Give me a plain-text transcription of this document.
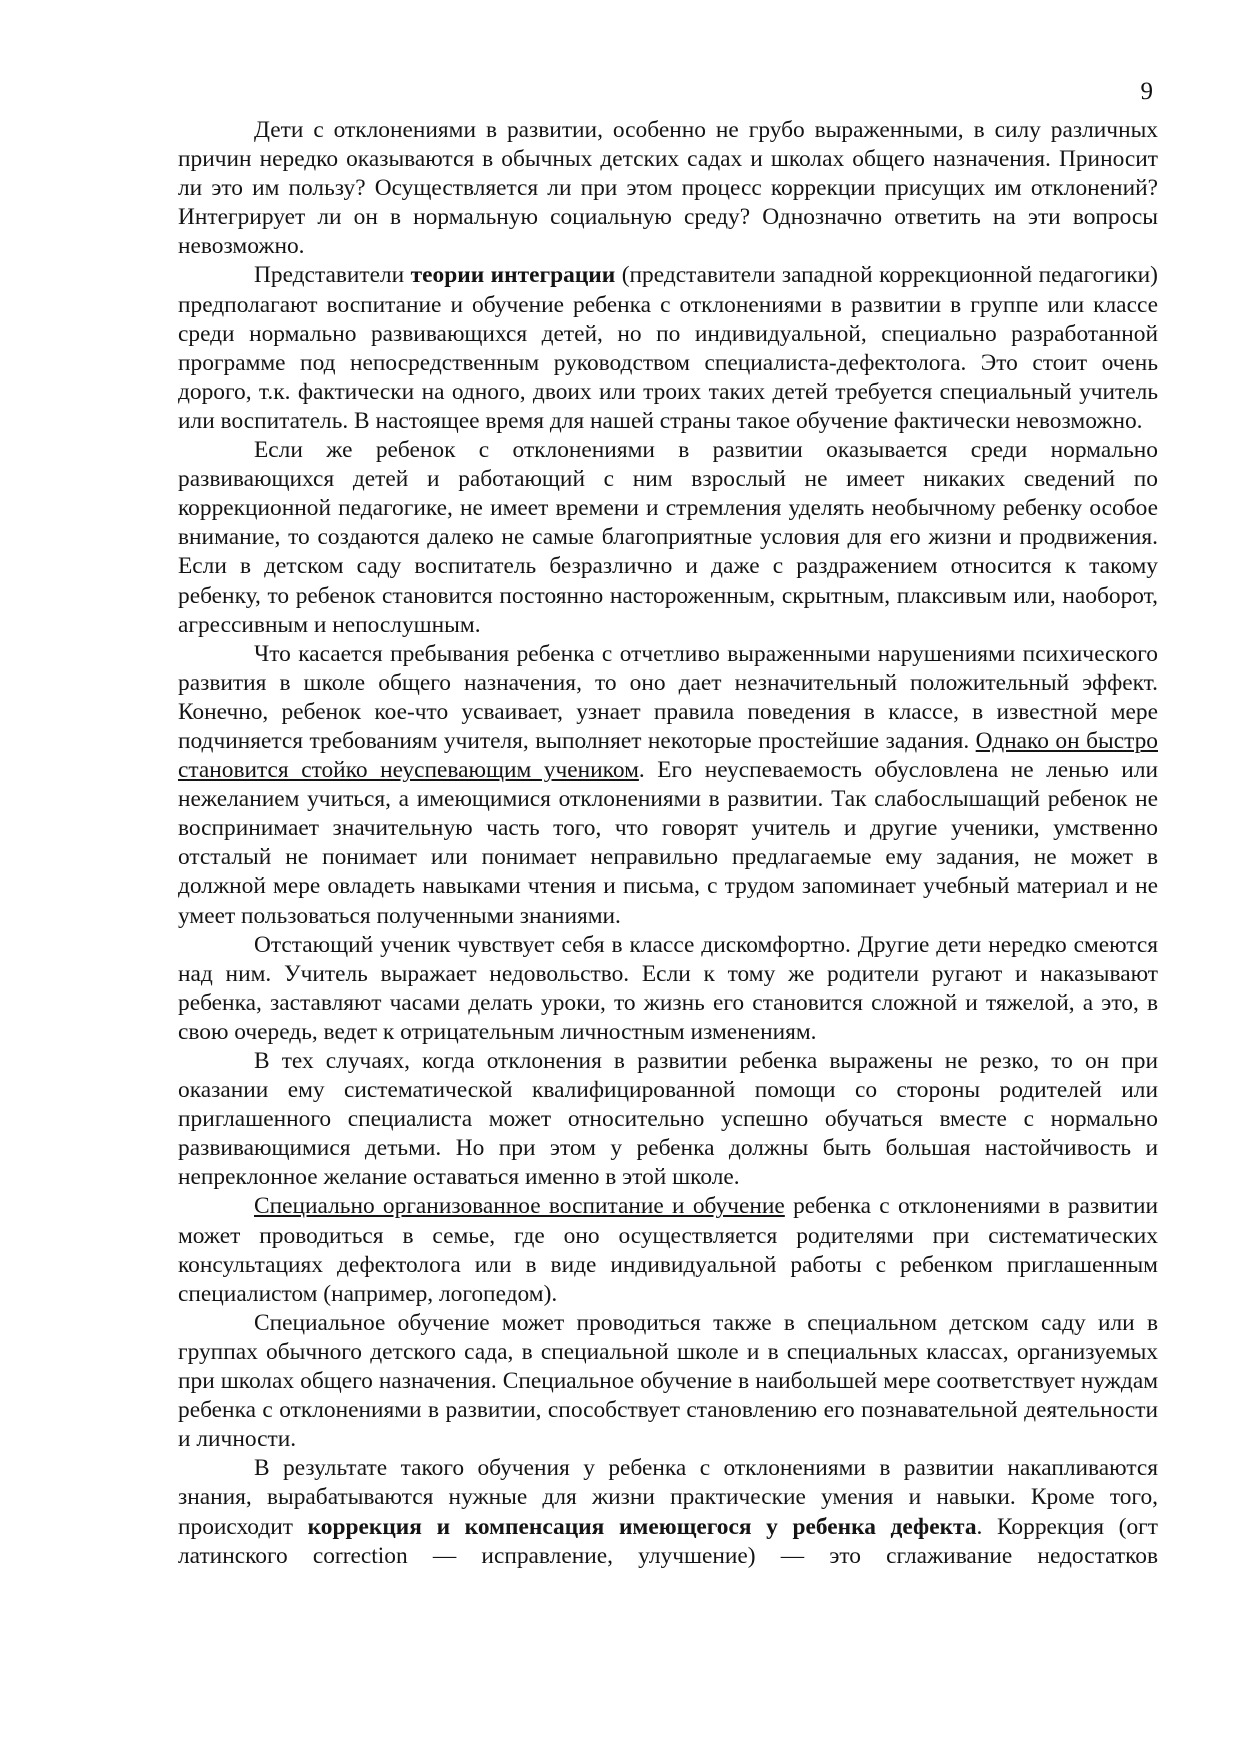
9

Дети с отклонениями в развитии, особенно не грубо выраженными, в силу различных причин нередко оказываются в обычных детских садах и школах общего назначения. Приносит ли это им пользу? Осуществляется ли при этом процесс коррекции присущих им отклонений? Интегрирует ли он в нормальную социальную среду? Однозначно ответить на эти вопросы невозможно.

Представители теории интеграции (представители западной коррекционной педагогики) предполагают воспитание и обучение ребенка с отклонениями в развитии в группе или классе среди нормально развивающихся детей, но по индивидуальной, специально разработанной программе под непосредственным руководством специалиста-дефектолога. Это стоит очень дорого, т.к. фактически на одного, двоих или троих таких детей требуется специальный учитель или воспитатель. В настоящее время для нашей страны такое обучение фактически невозможно.

Если же ребенок с отклонениями в развитии оказывается среди нормально развивающихся детей и работающий с ним взрослый не имеет никаких сведений по коррекционной педагогике, не имеет времени и стремления уделять необычному ребенку особое внимание, то создаются далеко не самые благоприятные условия для его жизни и продвижения. Если в детском саду воспитатель безразлично и даже с раздражением относится к такому ребенку, то ребенок становится постоянно настороженным, скрытным, плаксивым или, наоборот, агрессивным и непослушным.

Что касается пребывания ребенка с отчетливо выраженными нарушениями психического развития в школе общего назначения, то оно дает незначительный положительный эффект. Конечно, ребенок кое-что усваивает, узнает правила поведения в классе, в известной мере подчиняется требованиям учителя, выполняет некоторые простейшие задания. Однако он быстро становится стойко неуспевающим учеником. Его неуспеваемость обусловлена не ленью или нежеланием учиться, а имеющимися отклонениями в развитии. Так слабослышащий ребенок не воспринимает значительную часть того, что говорят учитель и другие ученики, умственно отсталый не понимает или понимает неправильно предлагаемые ему задания, не может в должной мере овладеть навыками чтения и письма, с трудом запоминает учебный материал и не умеет пользоваться полученными знаниями.

Отстающий ученик чувствует себя в классе дискомфортно. Другие дети нередко смеются над ним. Учитель выражает недовольство. Если к тому же родители ругают и наказывают ребенка, заставляют часами делать уроки, то жизнь его становится сложной и тяжелой, а это, в свою очередь, ведет к отрицательным личностным изменениям.

В тех случаях, когда отклонения в развитии ребенка выражены не резко, то он при оказании ему систематической квалифицированной помощи со стороны родителей или приглашенного специалиста может относительно успешно обучаться вместе с нормально развивающимися детьми. Но при этом у ребенка должны быть большая настойчивость и непреклонное желание оставаться именно в этой школе.

Специально организованное воспитание и обучение ребенка с отклонениями в развитии может проводиться в семье, где оно осуществляется родителями при систематических консультациях дефектолога или в виде индивидуальной работы с ребенком приглашенным специалистом (например, логопедом).

Специальное обучение может проводиться также в специальном детском саду или в группах обычного детского сада, в специальной школе и в специальных классах, организуемых при школах общего назначения. Специальное обучение в наибольшей мере соответствует нуждам ребенка с отклонениями в развитии, способствует становлению его познавательной деятельности и личности.

В результате такого обучения у ребенка с отклонениями в развитии накапливаются знания, вырабатываются нужные для жизни практические умения и навыки. Кроме того, происходит коррекция и компенсация имеющегося у ребенка дефекта. Коррекция (огт латинского correction — исправление, улучшение) — это сглаживание недостатков
